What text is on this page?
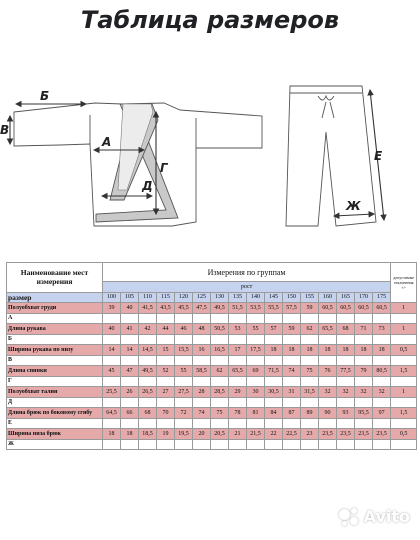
Таблица размеров
Б
В
А
Г
Д
Е
Ж
Наименование мест измерения	Измерения по группам																допустимые отклонения +/-
	рост																
размер	100	105	110	115	120	125	130	135	140	145	150	155	160	165	170	175	
Полуобхват груди	39	40	41,5	43,5	45,5	47,5	49,5	51,5	53,5	55,5	57,5	59	60,5	60,5	60,5	60,5	1
А																	
Длина рукава	40	41	42	44	46	48	50,5	53	55	57	59	62	65,5	68	71	73	1
Б																	
Ширина рукава по низу	14	14	14,5	15	15,5	16	16,5	17	17,5	18	18	18	18	18	18	18	0,5
В																	
Длина спинки	45	47	49,5	52	55	58,5	62	65,5	69	71,5	74	75	76	77,5	79	80,5	1,5
Г																	
Полуобхват талии	25,5	26	26,5	27	27,5	28	28,5	29	30	30,5	31	31,5	32	32	32	32	1
Д																	
Длина брюк по боковому сгибу	64,5	66	68	70	72	74	75	78	81	84	87	89	90	93	95,5	97	1,5
Е																	
Ширина низа брюк	18	18	18,5	19	19,5	20	20,5	21	21,5	22	22,5	23	23,5	23,5	23,5	23,5	0,5
Ж																	
Avito
